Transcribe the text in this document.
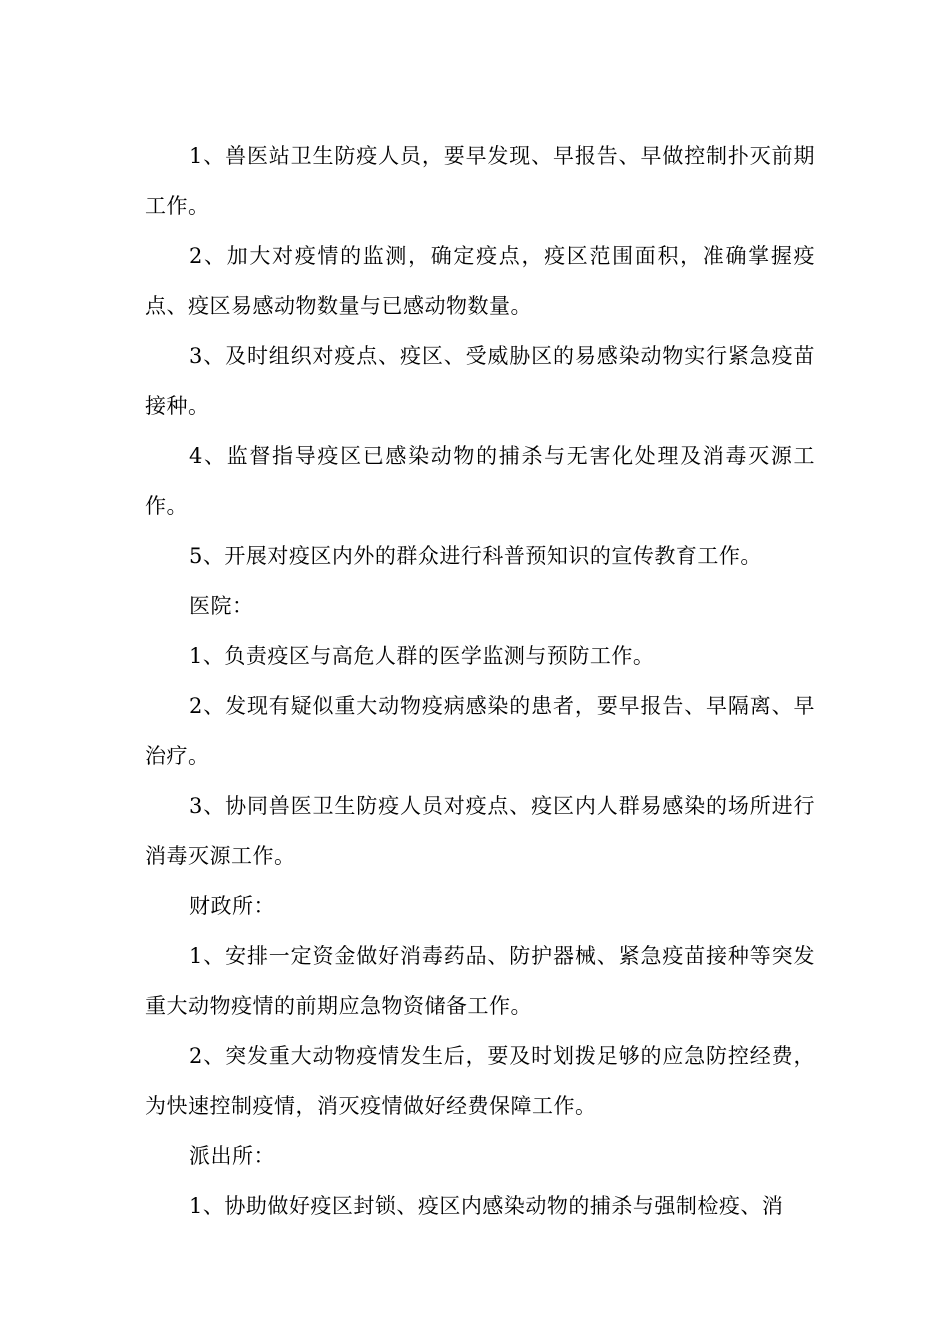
1、兽医站卫生防疫人员，要早发现、早报告、早做控制扑灭前期工作。

2、加大对疫情的监测，确定疫点，疫区范围面积，准确掌握疫点、疫区易感动物数量与已感动物数量。

3、及时组织对疫点、疫区、受威胁区的易感染动物实行紧急疫苗接种。

4、监督指导疫区已感染动物的捕杀与无害化处理及消毒灭源工作。

5、开展对疫区内外的群众进行科普预知识的宣传教育工作。

医院：

1、负责疫区与高危人群的医学监测与预防工作。

2、发现有疑似重大动物疫病感染的患者，要早报告、早隔离、早治疗。

3、协同兽医卫生防疫人员对疫点、疫区内人群易感染的场所进行消毒灭源工作。

财政所：

1、安排一定资金做好消毒药品、防护器械、紧急疫苗接种等突发重大动物疫情的前期应急物资储备工作。

2、突发重大动物疫情发生后，要及时划拨足够的应急防控经费，为快速控制疫情，消灭疫情做好经费保障工作。

派出所：

1、协助做好疫区封锁、疫区内感染动物的捕杀与强制检疫、消
